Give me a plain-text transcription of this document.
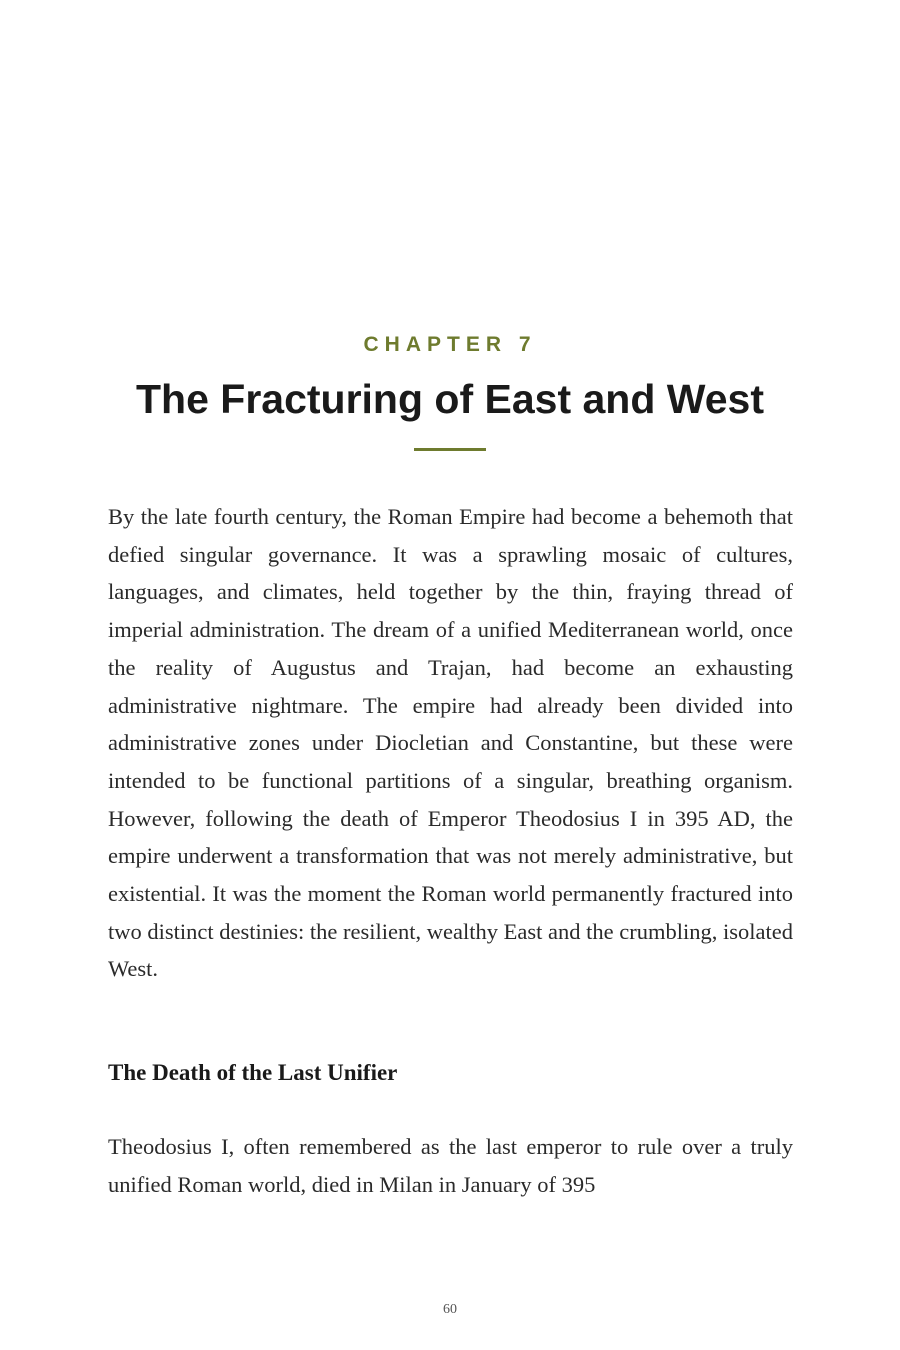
CHAPTER 7
The Fracturing of East and West

By the late fourth century, the Roman Empire had become a behemoth that defied singular governance. It was a sprawling mosaic of cultures, languages, and climates, held together by the thin, fraying thread of imperial administration. The dream of a unified Mediterranean world, once the reality of Augustus and Trajan, had become an exhausting administrative nightmare. The empire had already been divided into administrative zones under Diocletian and Constantine, but these were intended to be functional partitions of a singular, breathing organism. However, following the death of Emperor Theodosius I in 395 AD, the empire underwent a transformation that was not merely administrative, but existential. It was the moment the Roman world permanently fractured into two distinct destinies: the resilient, wealthy East and the crumbling, isolated West.

The Death of the Last Unifier

Theodosius I, often remembered as the last emperor to rule over a truly unified Roman world, died in Milan in January of 395

60
